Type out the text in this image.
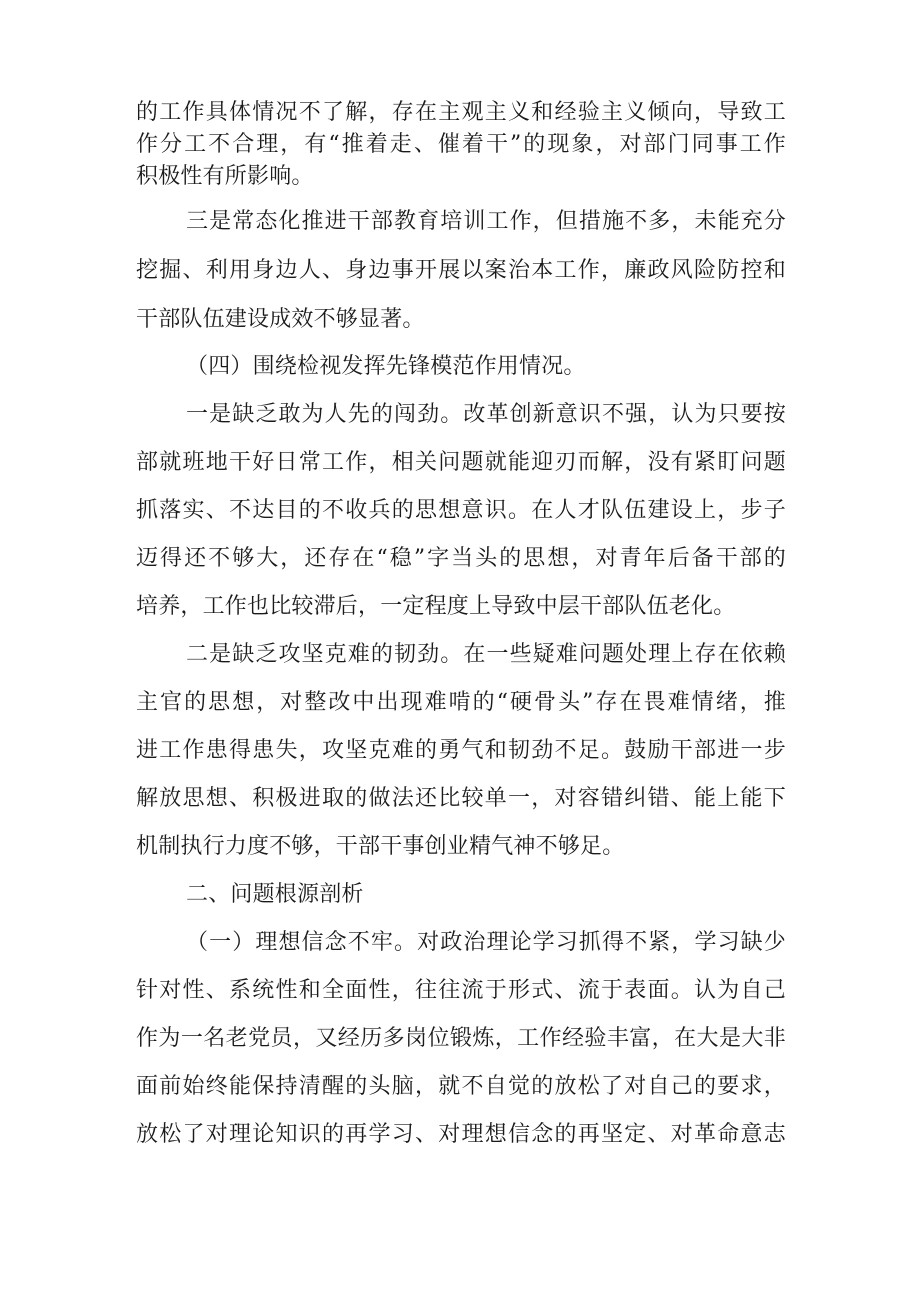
的工作具体情况不了解，存在主观主义和经验主义倾向，导致工
作分工不合理，有“推着走、催着干”的现象，对部门同事工作
积极性有所影响。
三是常态化推进干部教育培训工作，但措施不多，未能充分
挖掘、利用身边人、身边事开展以案治本工作，廉政风险防控和
干部队伍建设成效不够显著。
（四）围绕检视发挥先锋模范作用情况。
一是缺乏敢为人先的闯劲。改革创新意识不强，认为只要按
部就班地干好日常工作，相关问题就能迎刃而解，没有紧盯问题
抓落实、不达目的不收兵的思想意识。在人才队伍建设上，步子
迈得还不够大，还存在“稳”字当头的思想，对青年后备干部的
培养，工作也比较滞后，一定程度上导致中层干部队伍老化。
二是缺乏攻坚克难的韧劲。在一些疑难问题处理上存在依赖
主官的思想，对整改中出现难啃的“硬骨头”存在畏难情绪，推
进工作患得患失，攻坚克难的勇气和韧劲不足。鼓励干部进一步
解放思想、积极进取的做法还比较单一，对容错纠错、能上能下
机制执行力度不够，干部干事创业精气神不够足。
二、问题根源剖析
（一）理想信念不牢。对政治理论学习抓得不紧，学习缺少
针对性、系统性和全面性，往往流于形式、流于表面。认为自己
作为一名老党员，又经历多岗位锻炼，工作经验丰富，在大是大非
面前始终能保持清醒的头脑，就不自觉的放松了对自己的要求，
放松了对理论知识的再学习、对理想信念的再坚定、对革命意志
